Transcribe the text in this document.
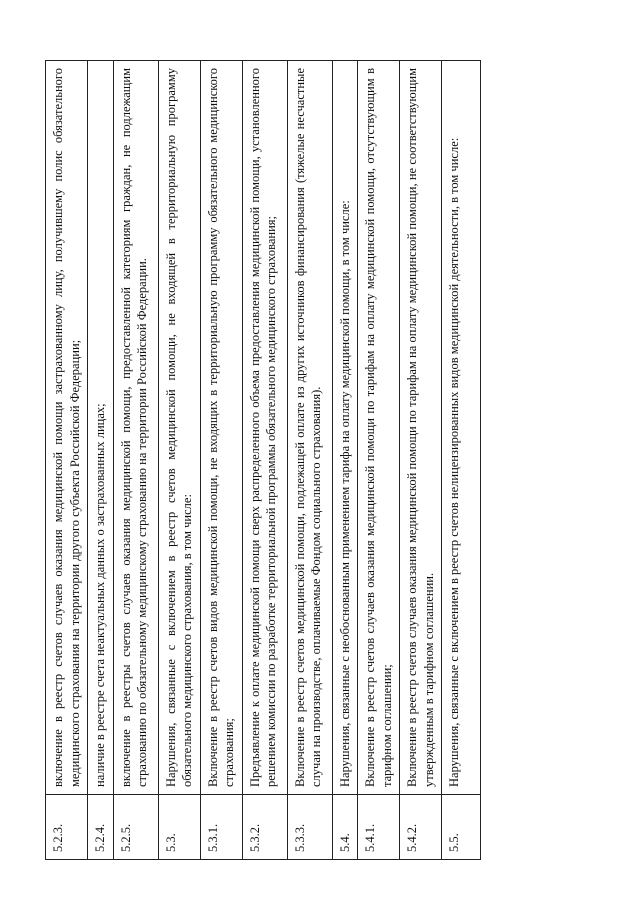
5.2.3.	включение в реестр счетов случаев оказания медицинской помощи застрахованному лицу, получившему полис обязательного медицинского страхования на территории другого субъекта Российской Федерации;
5.2.4.	наличие в реестре счета неактуальных данных о застрахованных лицах;
5.2.5.	включение в реестры счетов случаев оказания медицинской помощи, предоставленной категориям граждан, не подлежащим страхованию по обязательному медицинскому страхованию на территории Российской Федерации.
5.3.	Нарушения, связанные с включением в реестр счетов медицинской помощи, не входящей в территориальную программу обязательного медицинского страхования, в том числе:
5.3.1.	Включение в реестр счетов видов медицинской помощи, не входящих в территориальную программу обязательного медицинского страхования;
5.3.2.	Предъявление к оплате медицинской помощи сверх распределенного объема предоставления медицинской помощи, установленного решением комиссии по разработке территориальной программы обязательного медицинского страхования;
5.3.3.	Включение в реестр счетов медицинской помощи, подлежащей оплате из других источников финансирования (тяжелые несчастные случаи на производстве, оплачиваемые Фондом социального страхования).
5.4.	Нарушения, связанные с необоснованным применением тарифа на оплату медицинской помощи, в том числе:
5.4.1.	Включение в реестр счетов случаев оказания медицинской помощи по тарифам на оплату медицинской помощи, отсутствующим в тарифном соглашении;
5.4.2.	Включение в реестр счетов случаев оказания медицинской помощи по тарифам на оплату медицинской помощи, не соответствующим утвержденным в тарифном соглашении.
5.5.	Нарушения, связанные с включением в реестр счетов нелицензированных видов медицинской деятельности, в том числе:
